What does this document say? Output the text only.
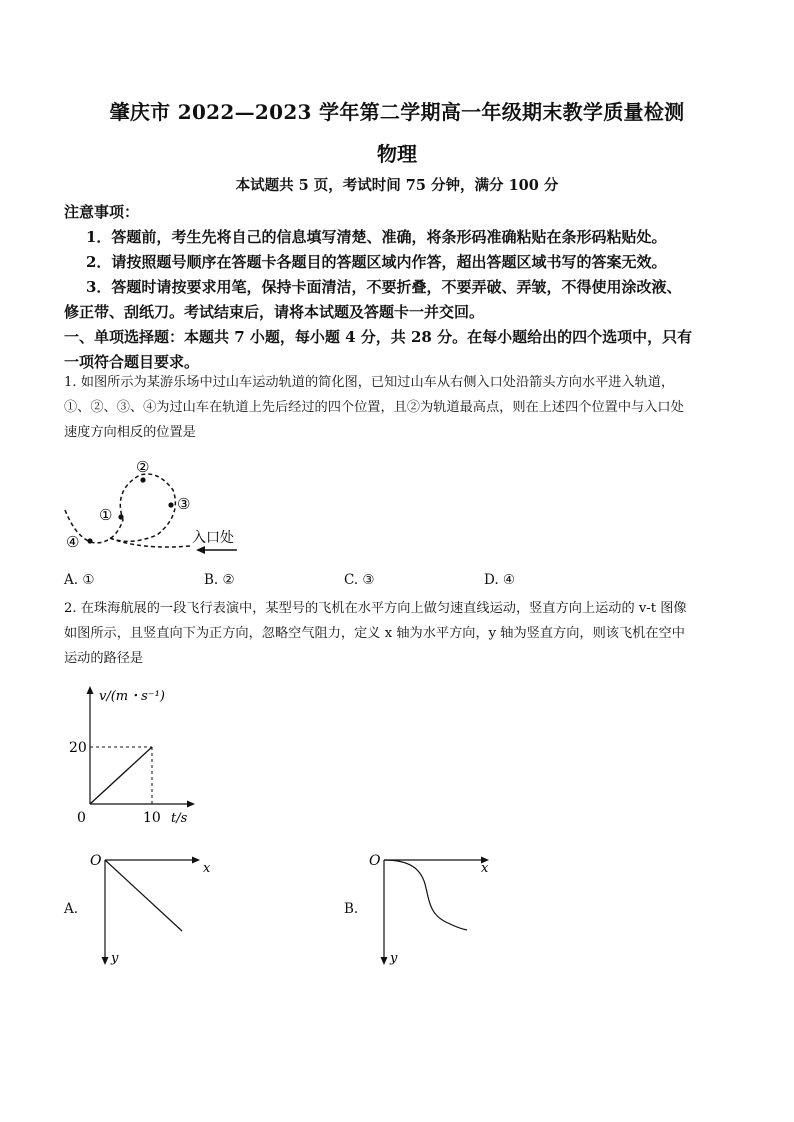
肇庆市 2022—2023 学年第二学期高一年级期末教学质量检测
物理
本试题共 5 页，考试时间 75 分钟，满分 100 分
注意事项：
1．答题前，考生先将自己的信息填写清楚、准确，将条形码准确粘贴在条形码粘贴处。
2．请按照题号顺序在答题卡各题目的答题区域内作答，超出答题区域书写的答案无效。
3．答题时请按要求用笔，保持卡面清洁，不要折叠，不要弄破、弄皱，不得使用涂改液、
修正带、刮纸刀。考试结束后，请将本试题及答题卡一并交回。
一、单项选择题：本题共 7 小题，每小题 4 分，共 28 分。在每小题给出的四个选项中，只有
一项符合题目要求。
1. 如图所示为某游乐场中过山车运动轨道的简化图，已知过山车从右侧入口处沿箭头方向水平进入轨道，
①、②、③、④为过山车在轨道上先后经过的四个位置，且②为轨道最高点，则在上述四个位置中与入口处
速度方向相反的位置是
①
②
③
④	入口处
A. ①	B. ②	C. ③	D. ④
2. 在珠海航展的一段飞行表演中，某型号的飞机在水平方向上做匀速直线运动，竖直方向上运动的 v-t 图像
如图所示，且竖直向下为正方向，忽略空气阻力，定义 x 轴为水平方向，y 轴为竖直方向，则该飞机在空中
运动的路径是
v/(m・s⁻¹)
t/s
0
20
10
A.
O	x
y
B.
O	x
y
